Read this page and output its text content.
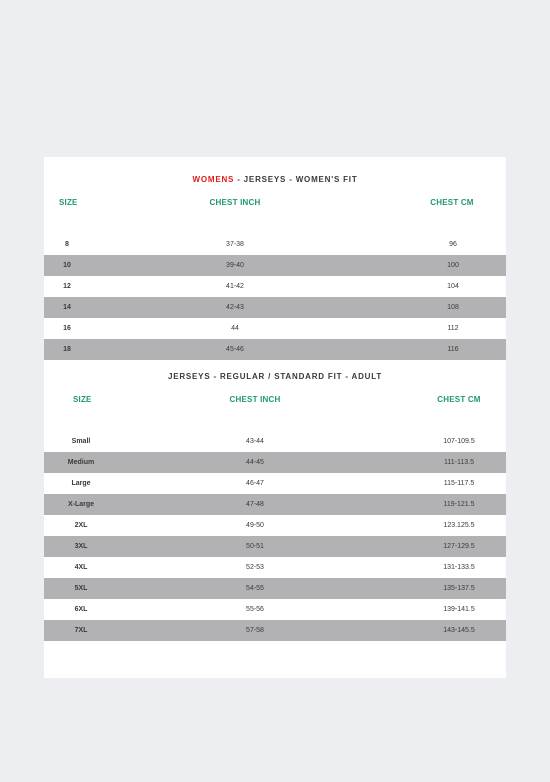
WOMENS - JERSEYS - WOMEN'S FIT
SIZE	CHEST INCH	CHEST CM
8	37-38	96
10	39-40	100
12	41-42	104
14	42-43	108
16	44	112
18	45-46	116
JERSEYS - REGULAR / STANDARD FIT - ADULT
SIZE	CHEST INCH	CHEST CM
Small	43-44	107-109.5
Medium	44-45	111-113.5
Large	46-47	115-117.5
X-Large	47-48	119-121.5
2XL	49-50	123.125.5
3XL	50-51	127-129.5
4XL	52-53	131-133.5
5XL	54-55	135-137.5
6XL	55-56	139-141.5
7XL	57-58	143-145.5
